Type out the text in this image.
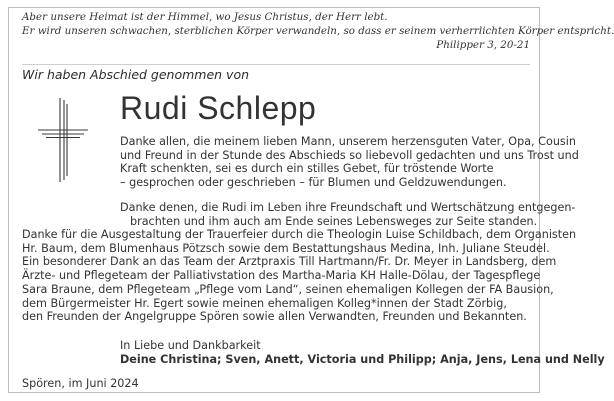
Aber unsere Heimat ist der Himmel, wo Jesus Christus, der Herr lebt.
Er wird unseren schwachen, sterblichen Körper verwandeln, so dass er seinem verherrlichten Körper entspricht.
Philipper 3, 20-21
Wir haben Abschied genommen von
Rudi Schlepp
Danke allen, die meinem lieben Mann, unserem herzensguten Vater, Opa, Cousin
und Freund in der Stunde des Abschieds so liebevoll gedachten und uns Trost und
Kraft schenkten, sei es durch ein stilles Gebet, für tröstende Worte
– gesprochen oder geschrieben – für Blumen und Geldzuwendungen.
Danke denen, die Rudi im Leben ihre Freundschaft und Wertschätzung entgegen-
brachten und ihm auch am Ende seines Lebensweges zur Seite standen.
Danke für die Ausgestaltung der Trauerfeier durch die Theologin Luise Schildbach, dem Organisten
Hr. Baum, dem Blumenhaus Pötzsch sowie dem Bestattungshaus Medina, Inh. Juliane Steudel.
Ein besonderer Dank an das Team der Arztpraxis Till Hartmann/Fr. Dr. Meyer in Landsberg, dem
Ärzte- und Pflegeteam der Palliativstation des Martha-Maria KH Halle-Dölau, der Tagespflege
Sara Braune, dem Pflegeteam „Pflege vom Land“, seinen ehemaligen Kollegen der FA Bausion,
dem Bürgermeister Hr. Egert sowie meinen ehemaligen Kolleg*innen der Stadt Zörbig,
den Freunden der Angelgruppe Spören sowie allen Verwandten, Freunden und Bekannten.
In Liebe und Dankbarkeit
Deine Christina; Sven, Anett, Victoria und Philipp; Anja, Jens, Lena und Nelly
Spören, im Juni 2024
